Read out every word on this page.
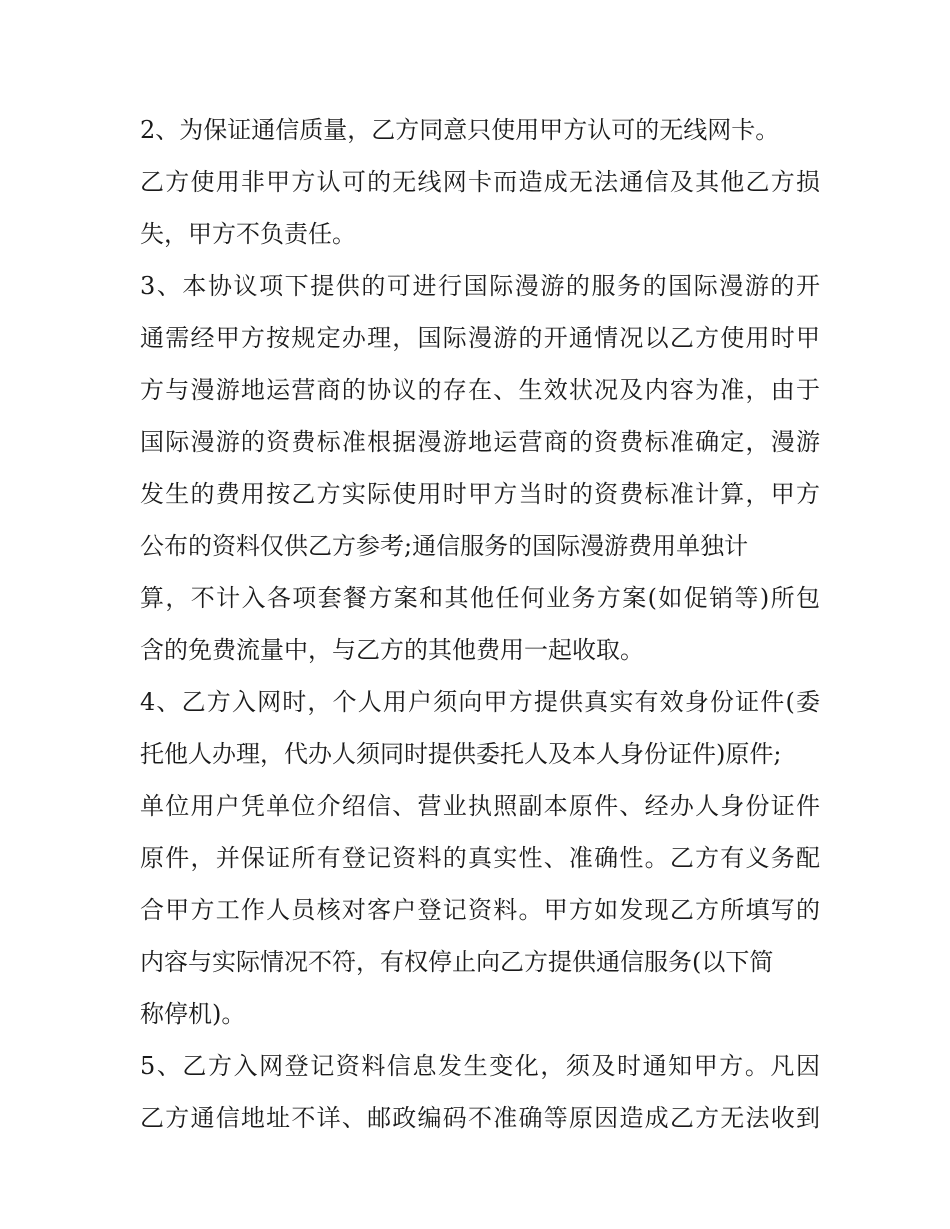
2、为保证通信质量，乙方同意只使用甲方认可的无线网卡。
乙方使用非甲方认可的无线网卡而造成无法通信及其他乙方损
失，甲方不负责任。
3、本协议项下提供的可进行国际漫游的服务的国际漫游的开
通需经甲方按规定办理，国际漫游的开通情况以乙方使用时甲
方与漫游地运营商的协议的存在、生效状况及内容为准，由于
国际漫游的资费标准根据漫游地运营商的资费标准确定，漫游
发生的费用按乙方实际使用时甲方当时的资费标准计算，甲方
公布的资料仅供乙方参考;通信服务的国际漫游费用单独计
算，不计入各项套餐方案和其他任何业务方案(如促销等)所包
含的免费流量中，与乙方的其他费用一起收取。
4、乙方入网时，个人用户须向甲方提供真实有效身份证件(委
托他人办理，代办人须同时提供委托人及本人身份证件)原件;
单位用户凭单位介绍信、营业执照副本原件、经办人身份证件
原件，并保证所有登记资料的真实性、准确性。乙方有义务配
合甲方工作人员核对客户登记资料。甲方如发现乙方所填写的
内容与实际情况不符，有权停止向乙方提供通信服务(以下简
称停机)。
5、乙方入网登记资料信息发生变化，须及时通知甲方。凡因
乙方通信地址不详、邮政编码不准确等原因造成乙方无法收到
